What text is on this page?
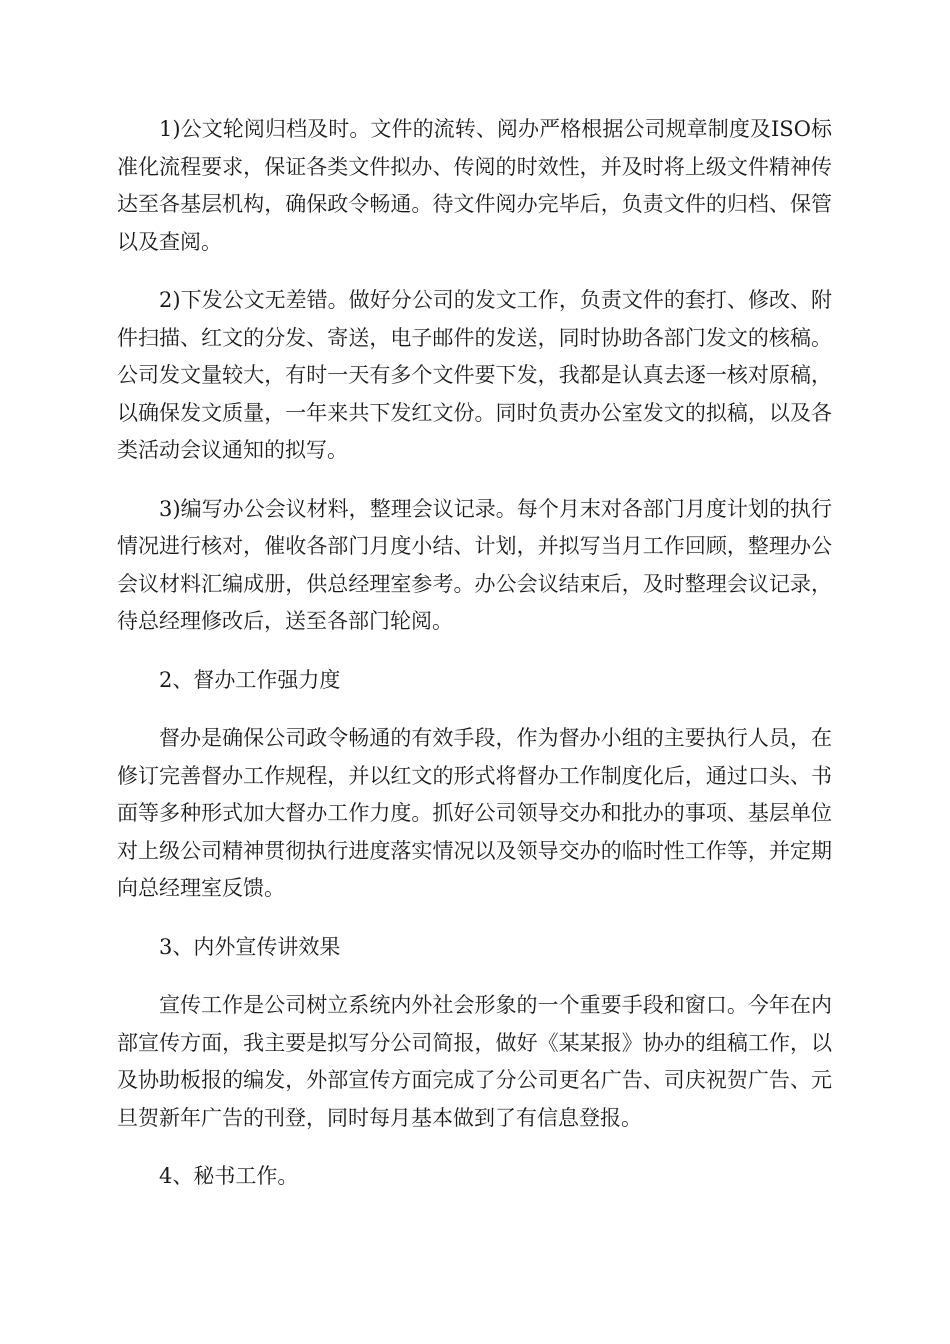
1)公文轮阅归档及时。文件的流转、阅办严格根据公司规章制度及ISO标准化流程要求，保证各类文件拟办、传阅的时效性，并及时将上级文件精神传达至各基层机构，确保政令畅通。待文件阅办完毕后，负责文件的归档、保管以及查阅。

2)下发公文无差错。做好分公司的发文工作，负责文件的套打、修改、附件扫描、红文的分发、寄送，电子邮件的发送，同时协助各部门发文的核稿。公司发文量较大，有时一天有多个文件要下发，我都是认真去逐一核对原稿，以确保发文质量，一年来共下发红文份。同时负责办公室发文的拟稿，以及各类活动会议通知的拟写。

3)编写办公会议材料，整理会议记录。每个月末对各部门月度计划的执行情况进行核对，催收各部门月度小结、计划，并拟写当月工作回顾，整理办公会议材料汇编成册，供总经理室参考。办公会议结束后，及时整理会议记录，待总经理修改后，送至各部门轮阅。

2、督办工作强力度

督办是确保公司政令畅通的有效手段，作为督办小组的主要执行人员，在修订完善督办工作规程，并以红文的形式将督办工作制度化后，通过口头、书面等多种形式加大督办工作力度。抓好公司领导交办和批办的事项、基层单位对上级公司精神贯彻执行进度落实情况以及领导交办的临时性工作等，并定期向总经理室反馈。

3、内外宣传讲效果

宣传工作是公司树立系统内外社会形象的一个重要手段和窗口。今年在内部宣传方面，我主要是拟写分公司简报，做好《某某报》协办的组稿工作，以及协助板报的编发，外部宣传方面完成了分公司更名广告、司庆祝贺广告、元旦贺新年广告的刊登，同时每月基本做到了有信息登报。

4、秘书工作。
